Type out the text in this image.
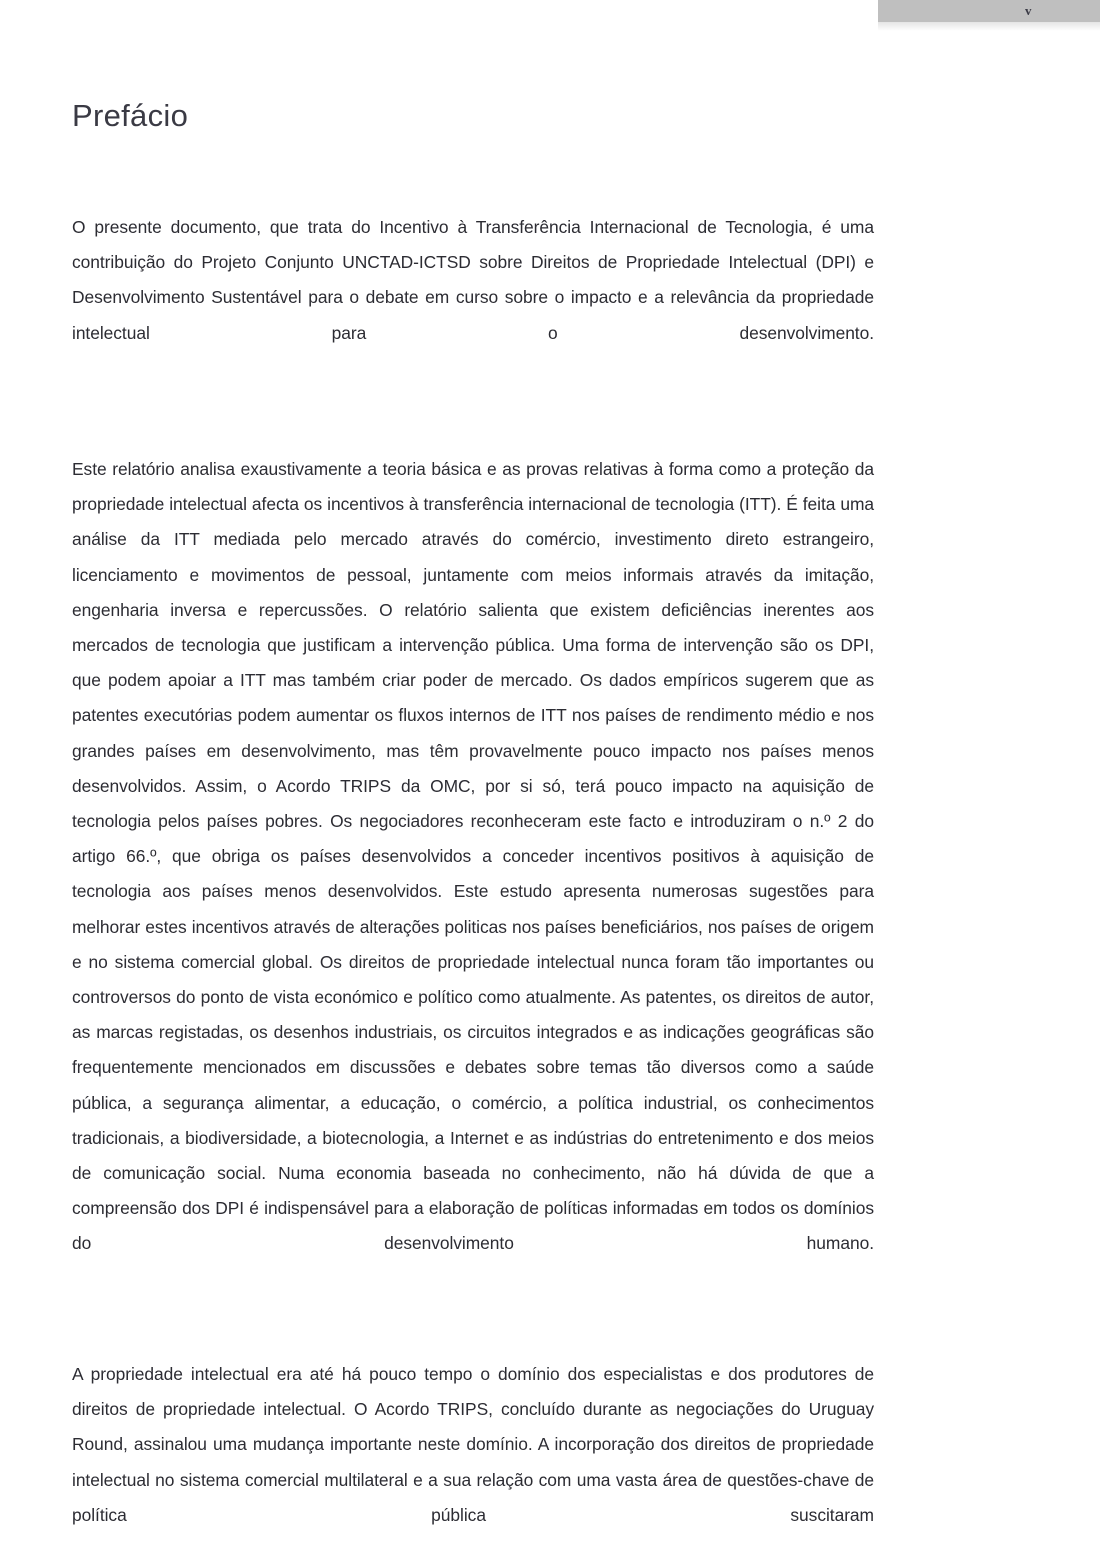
v
Prefácio

O presente documento, que trata do Incentivo à Transferência Internacional de Tecnologia, é uma contribuição do Projeto Conjunto UNCTAD-ICTSD sobre Direitos de Propriedade Intelectual (DPI) e Desenvolvimento Sustentável para o debate em curso sobre o impacto e a relevância da propriedade intelectual para o desenvolvimento.

Este relatório analisa exaustivamente a teoria básica e as provas relativas à forma como a proteção da propriedade intelectual afecta os incentivos à transferência internacional de tecnologia (ITT). É feita uma análise da ITT mediada pelo mercado através do comércio, investimento direto estrangeiro, licenciamento e movimentos de pessoal, juntamente com meios informais através da imitação, engenharia inversa e repercussões. O relatório salienta que existem deficiências inerentes aos mercados de tecnologia que justificam a intervenção pública. Uma forma de intervenção são os DPI, que podem apoiar a ITT mas também criar poder de mercado. Os dados empíricos sugerem que as patentes executórias podem aumentar os fluxos internos de ITT nos países de rendimento médio e nos grandes países em desenvolvimento, mas têm provavelmente pouco impacto nos países menos desenvolvidos. Assim, o Acordo TRIPS da OMC, por si só, terá pouco impacto na aquisição de tecnologia pelos países pobres. Os negociadores reconheceram este facto e introduziram o n.º 2 do artigo 66.º, que obriga os países desenvolvidos a conceder incentivos positivos à aquisição de tecnologia aos países menos desenvolvidos. Este estudo apresenta numerosas sugestões para melhorar estes incentivos através de alterações politicas nos países beneficiários, nos países de origem e no sistema comercial global. Os direitos de propriedade intelectual nunca foram tão importantes ou controversos do ponto de vista económico e político como atualmente. As patentes, os direitos de autor, as marcas registadas, os desenhos industriais, os circuitos integrados e as indicações geográficas são frequentemente mencionados em discussões e debates sobre temas tão diversos como a saúde pública, a segurança alimentar, a educação, o comércio, a política industrial, os conhecimentos tradicionais, a biodiversidade, a biotecnologia, a Internet e as indústrias do entretenimento e dos meios de comunicação social. Numa economia baseada no conhecimento, não há dúvida de que a compreensão dos DPI é indispensável para a elaboração de políticas informadas em todos os domínios do desenvolvimento humano.

A propriedade intelectual era até há pouco tempo o domínio dos especialistas e dos produtores de direitos de propriedade intelectual. O Acordo TRIPS, concluído durante as negociações do Uruguay Round, assinalou uma mudança importante neste domínio. A incorporação dos direitos de propriedade intelectual no sistema comercial multilateral e a sua relação com uma vasta área de questões-chave de política pública suscitaram
